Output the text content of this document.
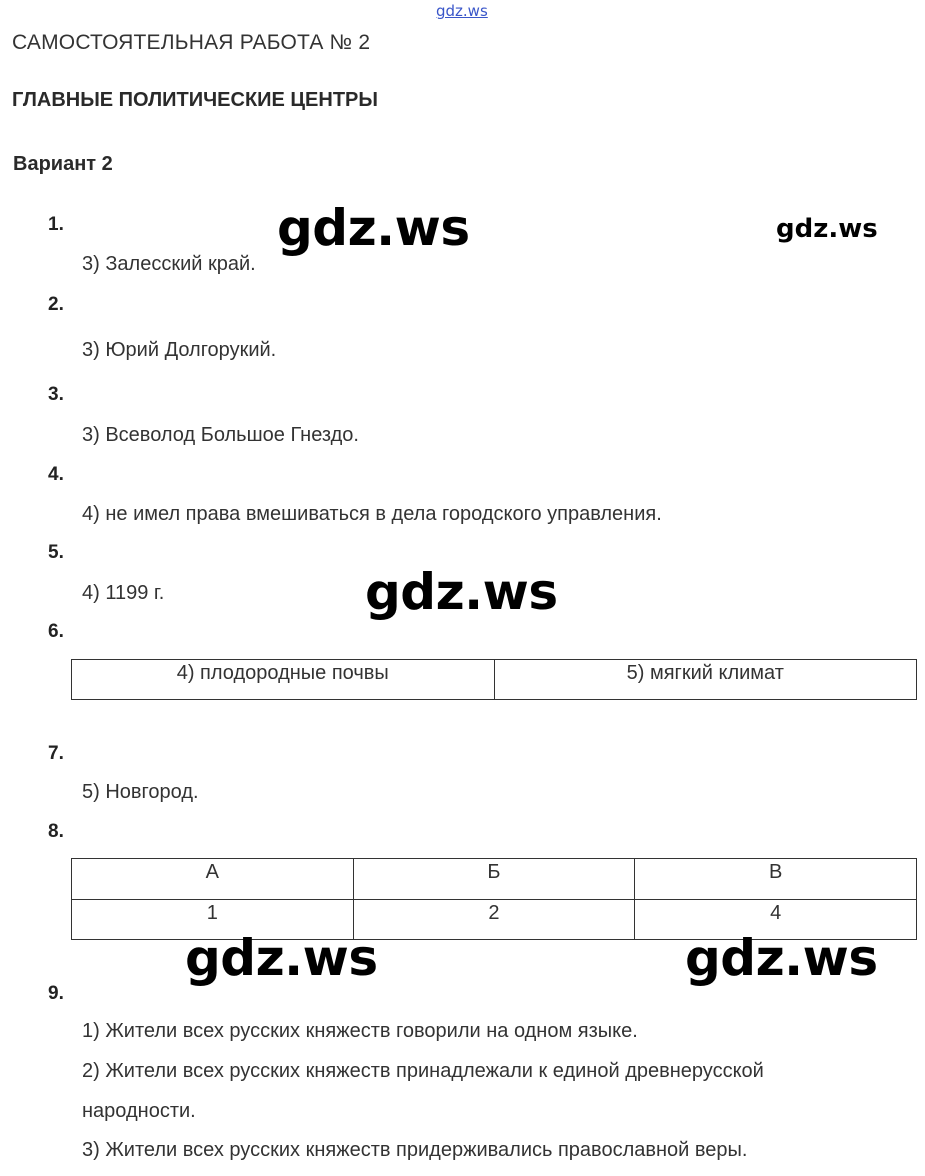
gdz.ws
САМОСТОЯТЕЛЬНАЯ РАБОТА № 2
ГЛАВНЫЕ ПОЛИТИЧЕСКИЕ ЦЕНТРЫ
Вариант 2
1.
3) Залесский край.
2.
3) Юрий Долгорукий.
3.
3) Всеволод Большое Гнездо.
4.
4) не имел права вмешиваться в дела городского управления.
5.
4) 1199 г.
6.
4) плодородные почвы	5) мягкий климат
7.
5) Новгород.
8.
А	Б	В
1	2	4
9.
1) Жители всех русских княжеств говорили на одном языке.
2) Жители всех русских княжеств принадлежали к единой древнерусской
народности.
3) Жители всех русских княжеств придерживались православной веры.
gdz.ws	gdz.ws
gdz.ws
gdz.ws	gdz.ws
